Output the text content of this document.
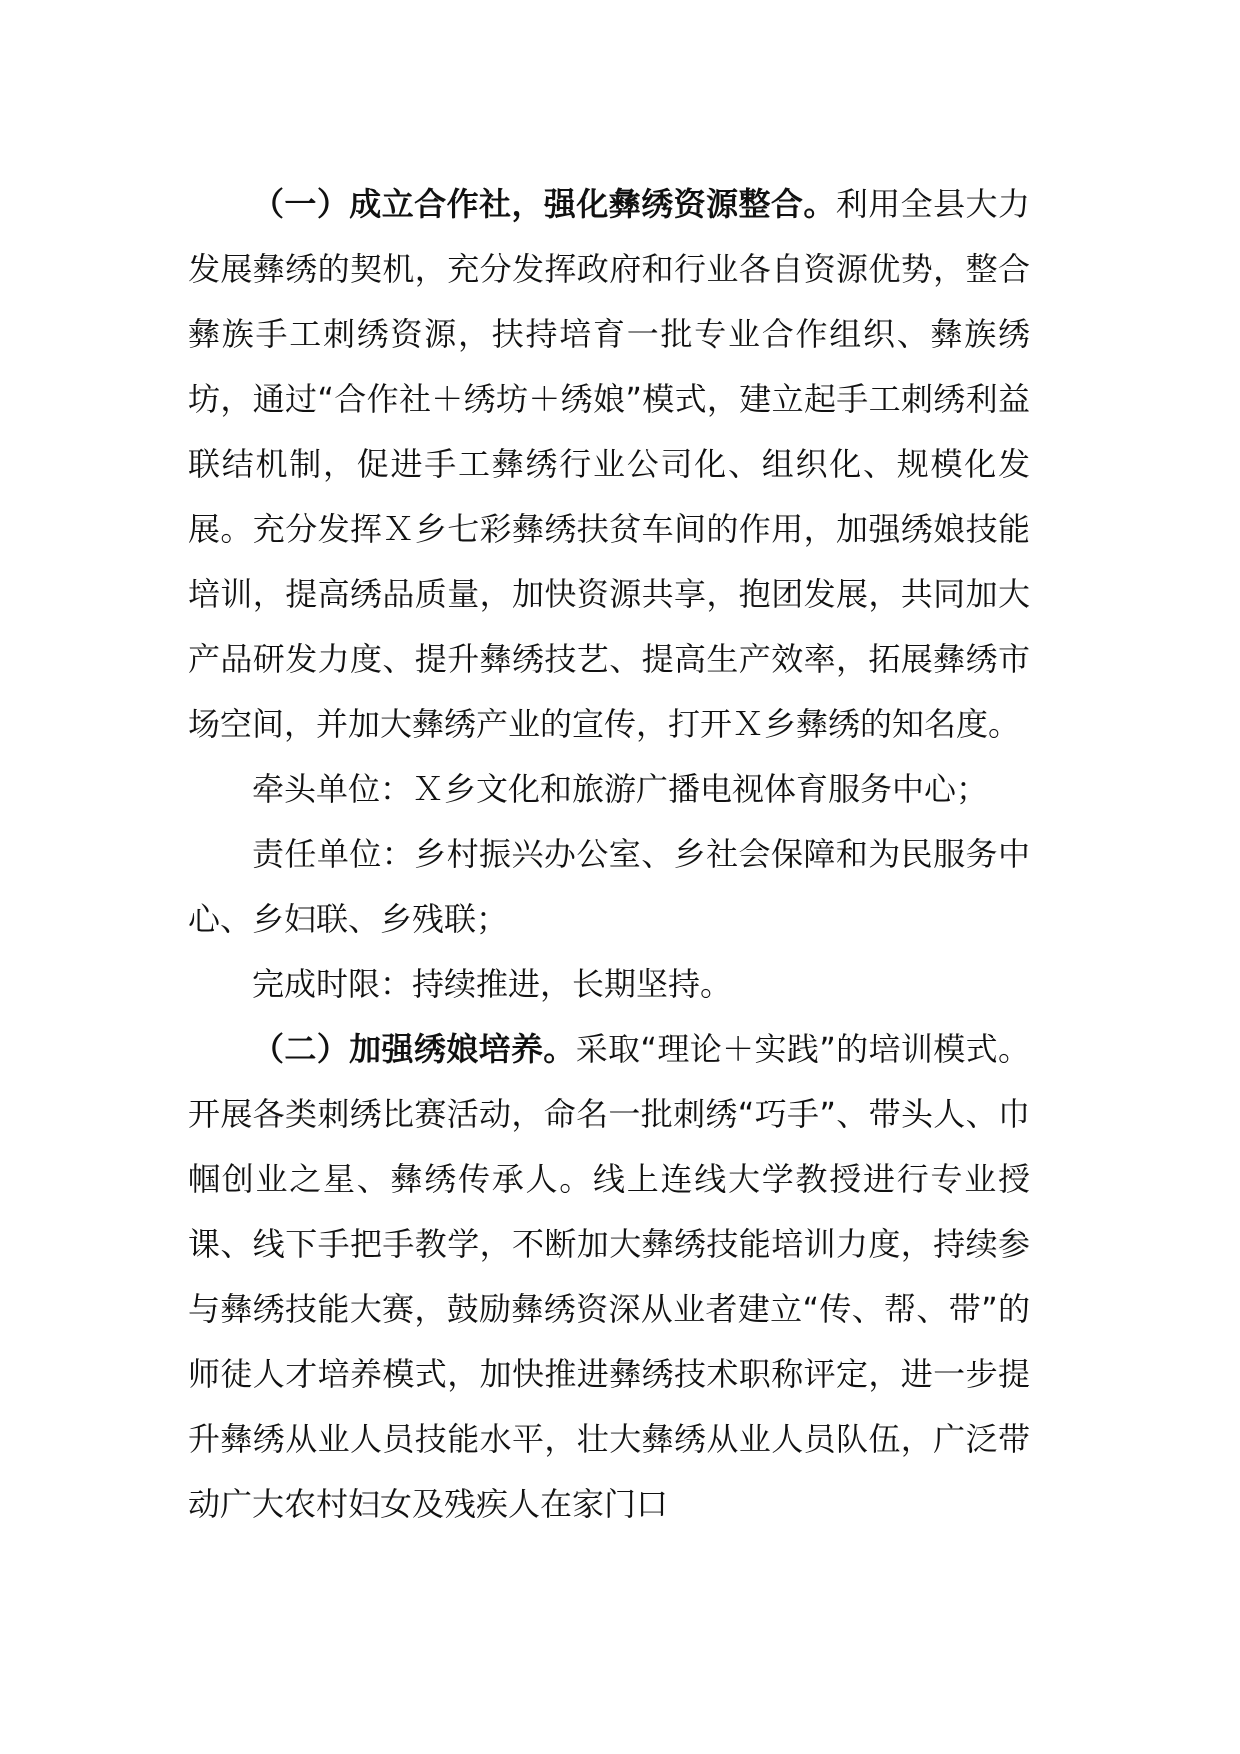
（一）成立合作社，强化彝绣资源整合。利用全县大力发展彝绣的契机，充分发挥政府和行业各自资源优势，整合彝族手工刺绣资源，扶持培育一批专业合作组织、彝族绣坊，通过“合作社＋绣坊＋绣娘”模式，建立起手工刺绣利益联结机制，促进手工彝绣行业公司化、组织化、规模化发展。充分发挥Ｘ乡七彩彝绣扶贫车间的作用，加强绣娘技能培训，提高绣品质量，加快资源共享，抱团发展，共同加大产品研发力度、提升彝绣技艺、提高生产效率，拓展彝绣市场空间，并加大彝绣产业的宣传，打开Ｘ乡彝绣的知名度。

牵头单位：Ｘ乡文化和旅游广播电视体育服务中心；

责任单位：乡村振兴办公室、乡社会保障和为民服务中心、乡妇联、乡残联；

完成时限：持续推进，长期坚持。

（二）加强绣娘培养。采取“理论＋实践”的培训模式。开展各类刺绣比赛活动，命名一批刺绣“巧手”、带头人、巾帼创业之星、彝绣传承人。线上连线大学教授进行专业授课、线下手把手教学，不断加大彝绣技能培训力度，持续参与彝绣技能大赛，鼓励彝绣资深从业者建立“传、帮、带”的师徒人才培养模式，加快推进彝绣技术职称评定，进一步提升彝绣从业人员技能水平，壮大彝绣从业人员队伍，广泛带动广大农村妇女及残疾人在家门口
